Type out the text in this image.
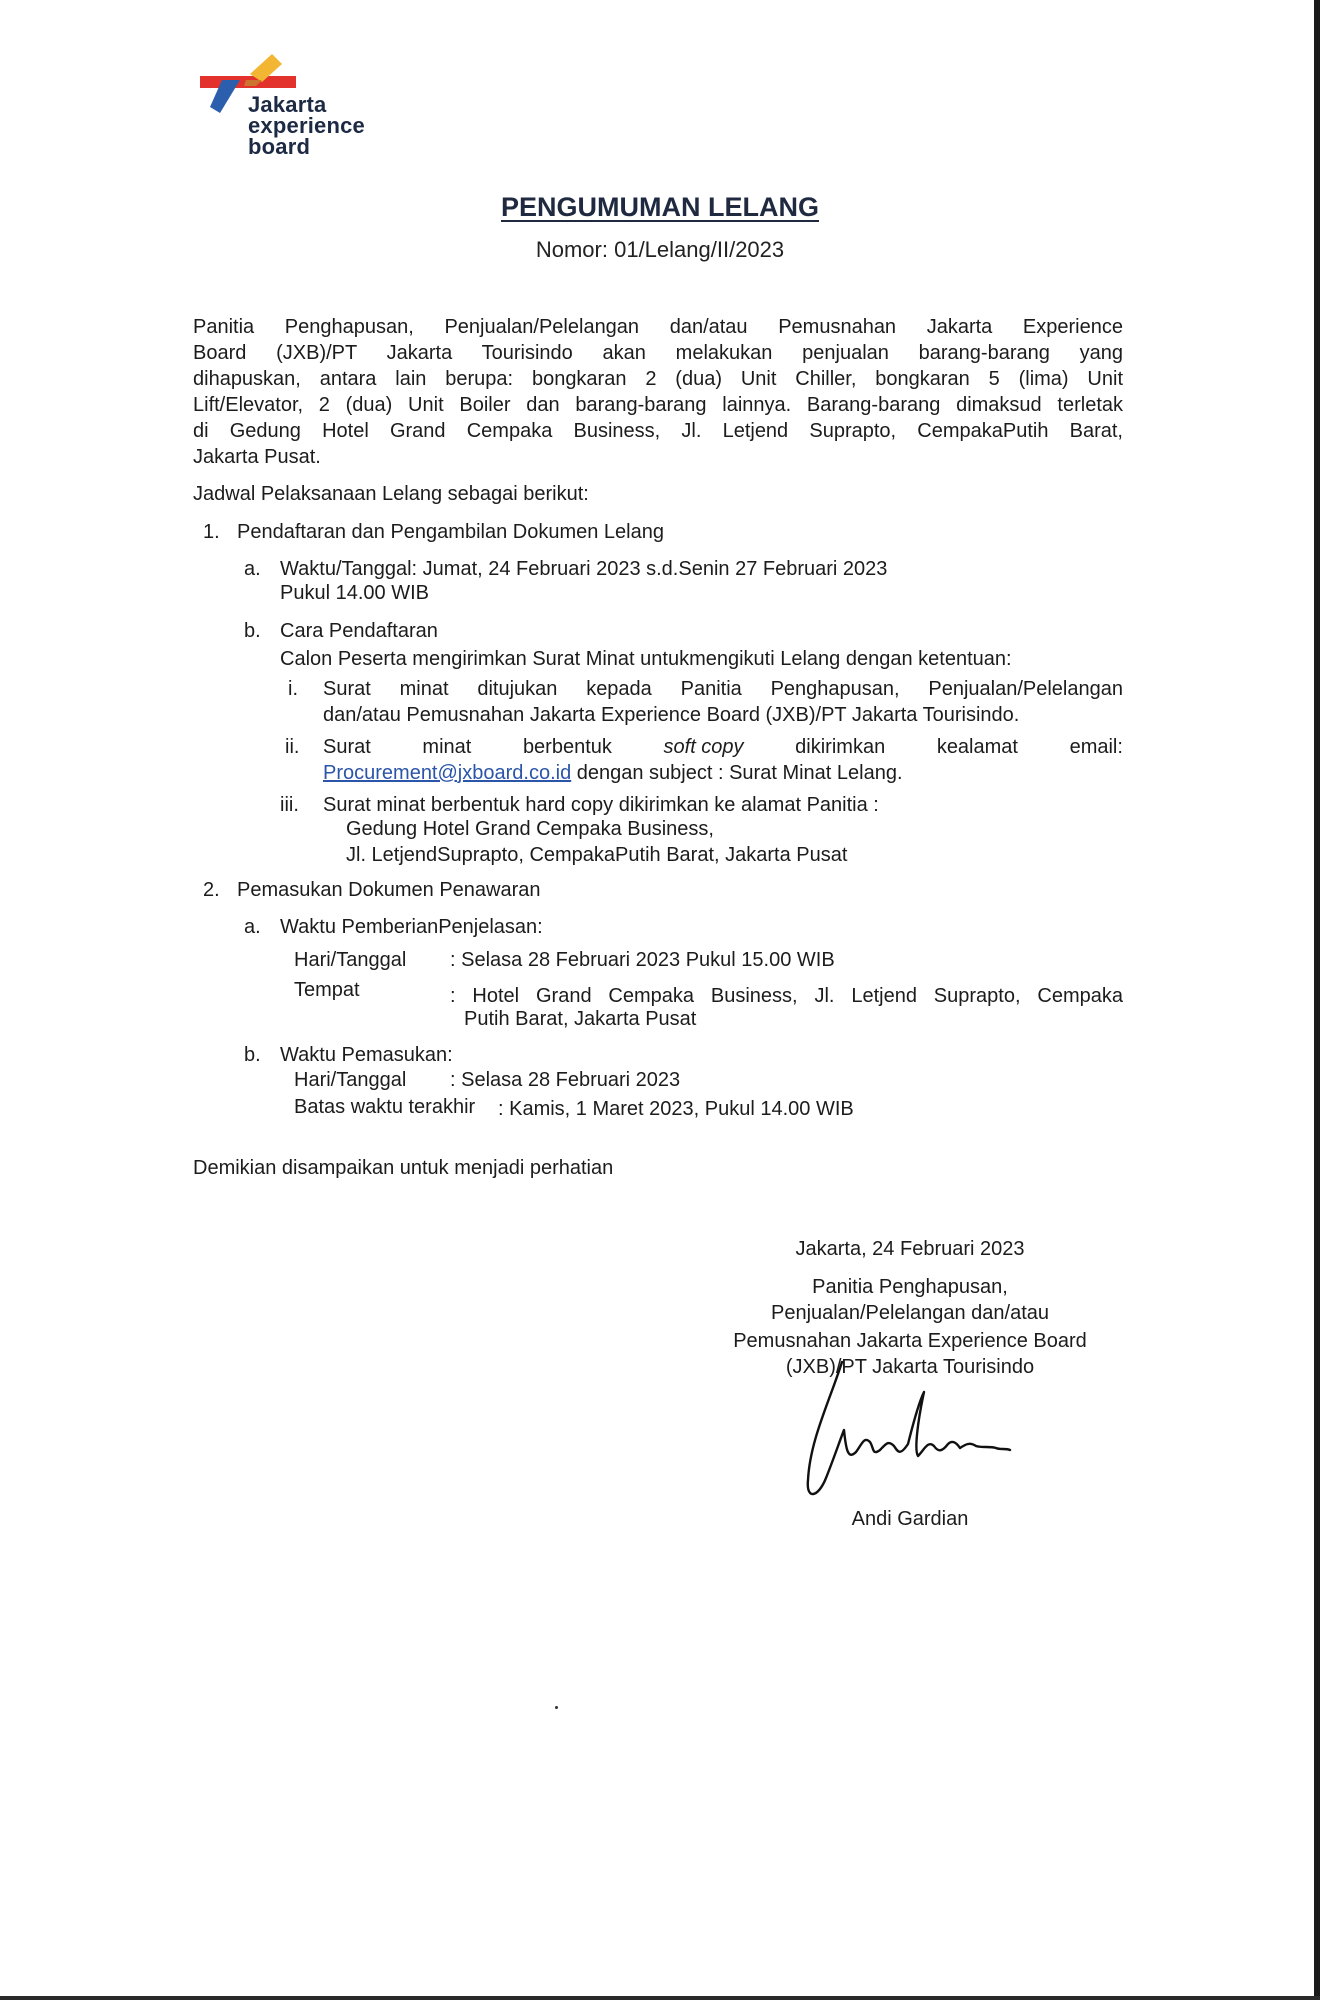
Jakarta
experience
board
PENGUMUMAN LELANG
Nomor: 01/Lelang/II/2023
Panitia Penghapusan, Penjualan/Pelelangan dan/atau Pemusnahan Jakarta Experience
Board (JXB)/PT Jakarta Tourisindo akan melakukan penjualan barang-barang yang
dihapuskan, antara lain berupa: bongkaran 2 (dua) Unit Chiller, bongkaran 5 (lima) Unit
Lift/Elevator, 2 (dua) Unit Boiler dan barang-barang lainnya. Barang-barang dimaksud terletak
di Gedung Hotel Grand Cempaka Business, Jl. Letjend Suprapto, CempakaPutih Barat,
Jakarta Pusat.
Jadwal Pelaksanaan Lelang sebagai berikut:
1. Pendaftaran dan Pengambilan Dokumen Lelang
a. Waktu/Tanggal: Jumat, 24 Februari 2023 s.d.Senin 27 Februari 2023
Pukul 14.00 WIB
b. Cara Pendaftaran
Calon Peserta mengirimkan Surat Minat untukmengikuti Lelang dengan ketentuan:
i. Surat minat ditujukan kepada Panitia Penghapusan, Penjualan/Pelelangan
dan/atau Pemusnahan Jakarta Experience Board (JXB)/PT Jakarta Tourisindo.
ii. Surat	minat	berbentuk	soft copy	dikirimkan	kealamat	email:
Procurement@jxboard.co.id dengan subject : Surat Minat Lelang.
iii. Surat minat berbentuk hard copy dikirimkan ke alamat Panitia :
Gedung Hotel Grand Cempaka Business,
Jl. LetjendSuprapto, CempakaPutih Barat, Jakarta Pusat
2. Pemasukan Dokumen Penawaran
a. Waktu PemberianPenjelasan:
Hari/Tanggal : Selasa 28 Februari 2023 Pukul 15.00 WIB
Tempat	: Hotel Grand Cempaka Business, Jl. Letjend Suprapto, Cempaka
Putih Barat, Jakarta Pusat
b. Waktu Pemasukan:
Hari/Tanggal : Selasa 28 Februari 2023
Batas waktu terakhir : Kamis, 1 Maret 2023, Pukul 14.00 WIB
Demikian disampaikan untuk menjadi perhatian
Jakarta, 24 Februari 2023
Panitia Penghapusan,
Penjualan/Pelelangan dan/atau
Pemusnahan Jakarta Experience Board
(JXB)/PT Jakarta Tourisindo
Andi Gardian
